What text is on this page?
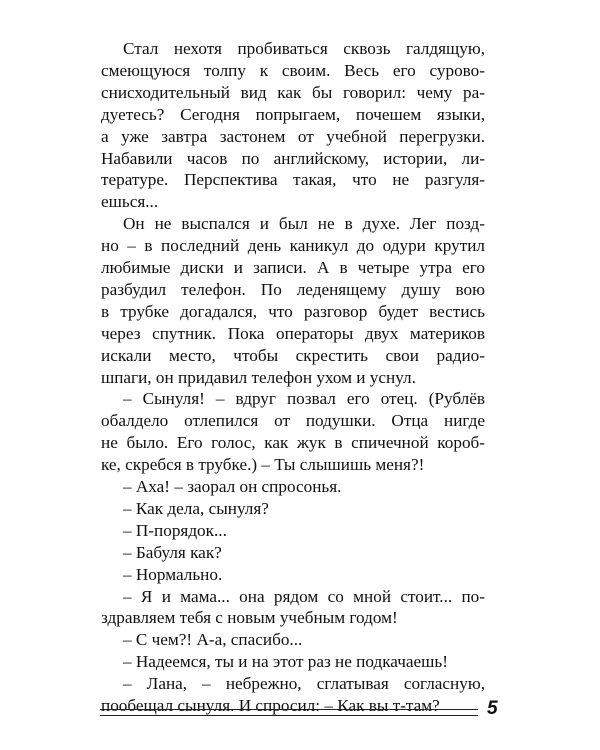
Стал нехотя пробиваться сквозь галдящую,

смеющуюся толпу к своим. Весь его сурово-

снисходительный вид как бы говорил: чему ра-

дуетесь? Сегодня попрыгаем, почешем языки,

а уже завтра застонем от учебной перегрузки.

Набавили часов по английскому, истории, ли-

тературе. Перспектива такая, что не разгуля-

ешься...

Он не выспался и был не в духе. Лег позд-

но – в последний день каникул до одури крутил

любимые диски и записи. А в четыре утра его

разбудил телефон. По леденящему душу вою

в трубке догадался, что разговор будет вестись

через спутник. Пока операторы двух материков

искали место, чтобы скрестить свои радио-

шпаги, он придавил телефон ухом и уснул.

– Сынуля! – вдруг позвал его отец. (Рублёв

обалдело отлепился от подушки. Отца нигде

не было. Его голос, как жук в спичечной короб-

ке, скребся в трубке.) – Ты слышишь меня?!

– Аха! – заорал он спросонья.

– Как дела, сынуля?

– П-порядок...

– Бабуля как?

– Нормально.

– Я и мама... она рядом со мной стоит... по-

здравляем тебя с новым учебным годом!

– С чем?! А-а, спасибо...

– Надеемся, ты и на этот раз не подкачаешь!

– Лана, – небрежно, сглатывая согласную,

пообещал сынуля. И спросил: – Как вы т-там?	5
